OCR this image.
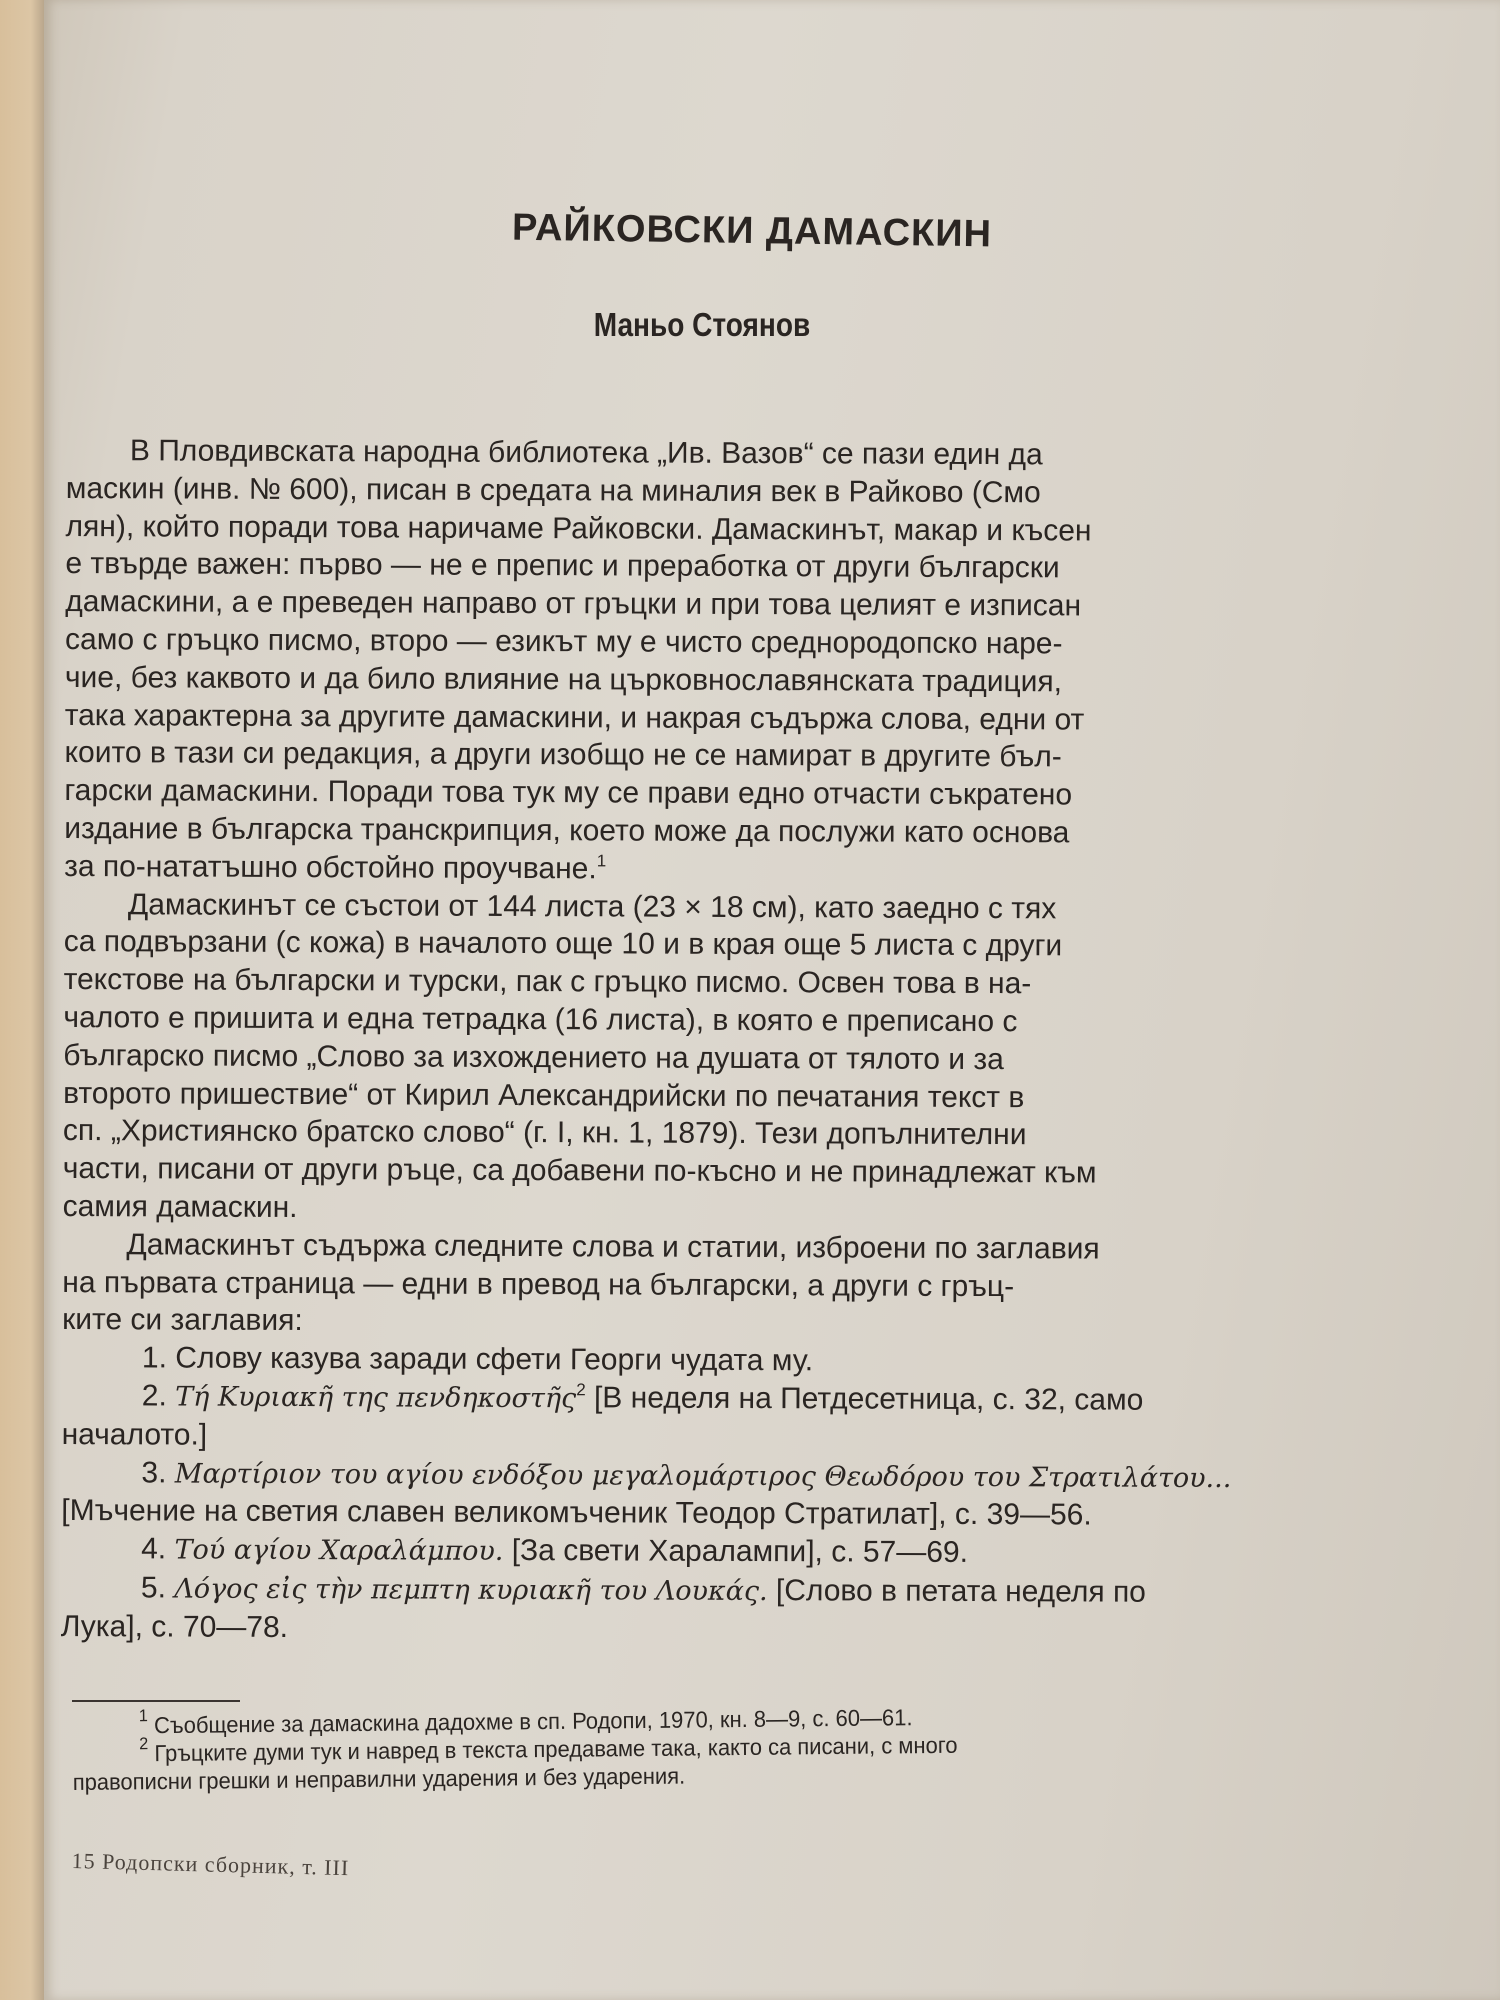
РАЙКОВСКИ ДАМАСКИН
Маньо Стоянов
В Пловдивската народна библиотека „Ив. Вазов“ се пази един да
маскин (инв. № 600), писан в средата на миналия век в Райково (Смо
лян), който поради това наричаме Райковски. Дамаскинът, макар и късен
е твърде важен: първо — не е препис и преработка от други български
дамаскини, а е преведен направо от гръцки и при това целият е изписан
само с гръцко писмо, второ — езикът му е чисто среднородопско наре-
чие, без каквото и да било влияние на църковнославянската традиция,
така характерна за другите дамаскини, и накрая съдържа слова, едни от
които в тази си редакция, а други изобщо не се намират в другите бъл-
гарски дамаскини. Поради това тук му се прави едно отчасти съкратено
издание в българска транскрипция, което може да послужи като основа
за по-нататъшно обстойно проучване.$^1$
Дамаскинът се състои от 144 листа (23 × 18 см), като заедно с тях
са подвързани (с кожа) в началото още 10 и в края още 5 листа с други
текстове на български и турски, пак с гръцко писмо. Освен това в на-
чалото е пришита и една тетрадка (16 листа), в която е преписано с
българско писмо „Слово за изхождението на душата от тялото и за
второто пришествие“ от Кирил Александрийски по печатания текст в
сп. „Християнско братско слово“ (г. I, кн. 1, 1879). Тези допълнителни
части, писани от други ръце, са добавени по-късно и не принадлежат към
самия дамаскин.
Дамаскинът съдържа следните слова и статии, изброени по заглавия
на първата страница — едни в превод на български, а други с гръц-
ките си заглавия:
1. Слову казува заради сфети Георги чудата му.
2. Τή Κυριακῆ της πενδηκοστῆς$^2$ [В неделя на Петдесетница, с. 32, само
началото.]
3. Μαρτίριον του αγίου ενδόξου μεγαλομάρτιρος Θεωδόρου του Στρατιλάτου...
[Мъчение на светия славен великомъченик Теодор Стратилат], с. 39—56.
4. Τού αγίου Χαραλάμπου. [За свети Харалампи], с. 57—69.
5. Λόγος εἰς τὴν πεμπτη κυριακῆ του Λουκάς. [Слово в петата неделя по
Лука], с. 70—78.
$^1$ Съобщение за дамаскина дадохме в сп. Родопи, 1970, кн. 8—9, с. 60—61.
$^2$ Гръцките думи тук и навред в текста предаваме така, както са писани, с много
правописни грешки и неправилни ударения и без ударения.
15 Родопски сборник, т. III
